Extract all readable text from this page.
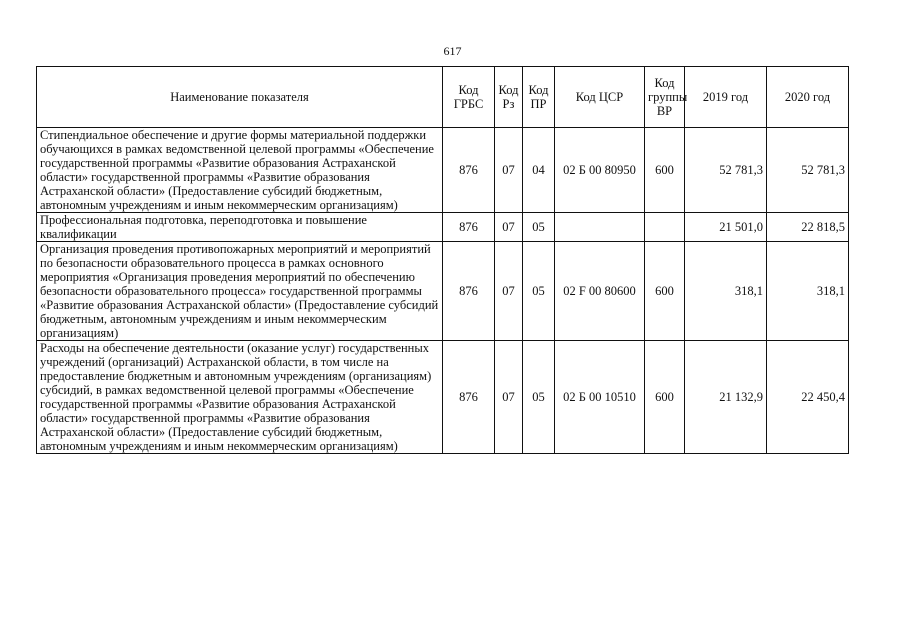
617
Наименование показателя	Код ГРБС	Код Рз	Код ПР	Код ЦСР	Код группы ВР	2019 год	2020 год
Стипендиальное обеспечение и другие формы материальной поддержки обучающихся в рамках ведомственной целевой программы «Обеспечение государственной программы «Развитие образования Астраханской области» государственной программы «Развитие образования Астраханской области» (Предоставление субсидий бюджетным, автономным учреждениям и иным некоммерческим организациям)	876	07	04	02 Б 00 80950	600	52 781,3	52 781,3
Профессиональная подготовка, переподготовка и повышение квалификации	876	07	05			21 501,0	22 818,5
Организация проведения противопожарных мероприятий и мероприятий по безопасности образовательного процесса в рамках основного мероприятия «Организация проведения мероприятий по обеспечению безопасности образовательного процесса» государственной программы «Развитие образования Астраханской области» (Предоставление субсидий бюджетным, автономным учреждениям и иным некоммерческим организациям)	876	07	05	02 F 00 80600	600	318,1	318,1
Расходы на обеспечение деятельности (оказание услуг) государственных учреждений (организаций) Астраханской области, в том числе на предоставление бюджетным и автономным учреждениям (организациям) субсидий, в рамках ведомственной целевой программы «Обеспечение государственной программы «Развитие образования Астраханской области» государственной программы «Развитие образования Астраханской области» (Предоставление субсидий бюджетным, автономным учреждениям и иным некоммерческим организациям)	876	07	05	02 Б 00 10510	600	21 132,9	22 450,4
